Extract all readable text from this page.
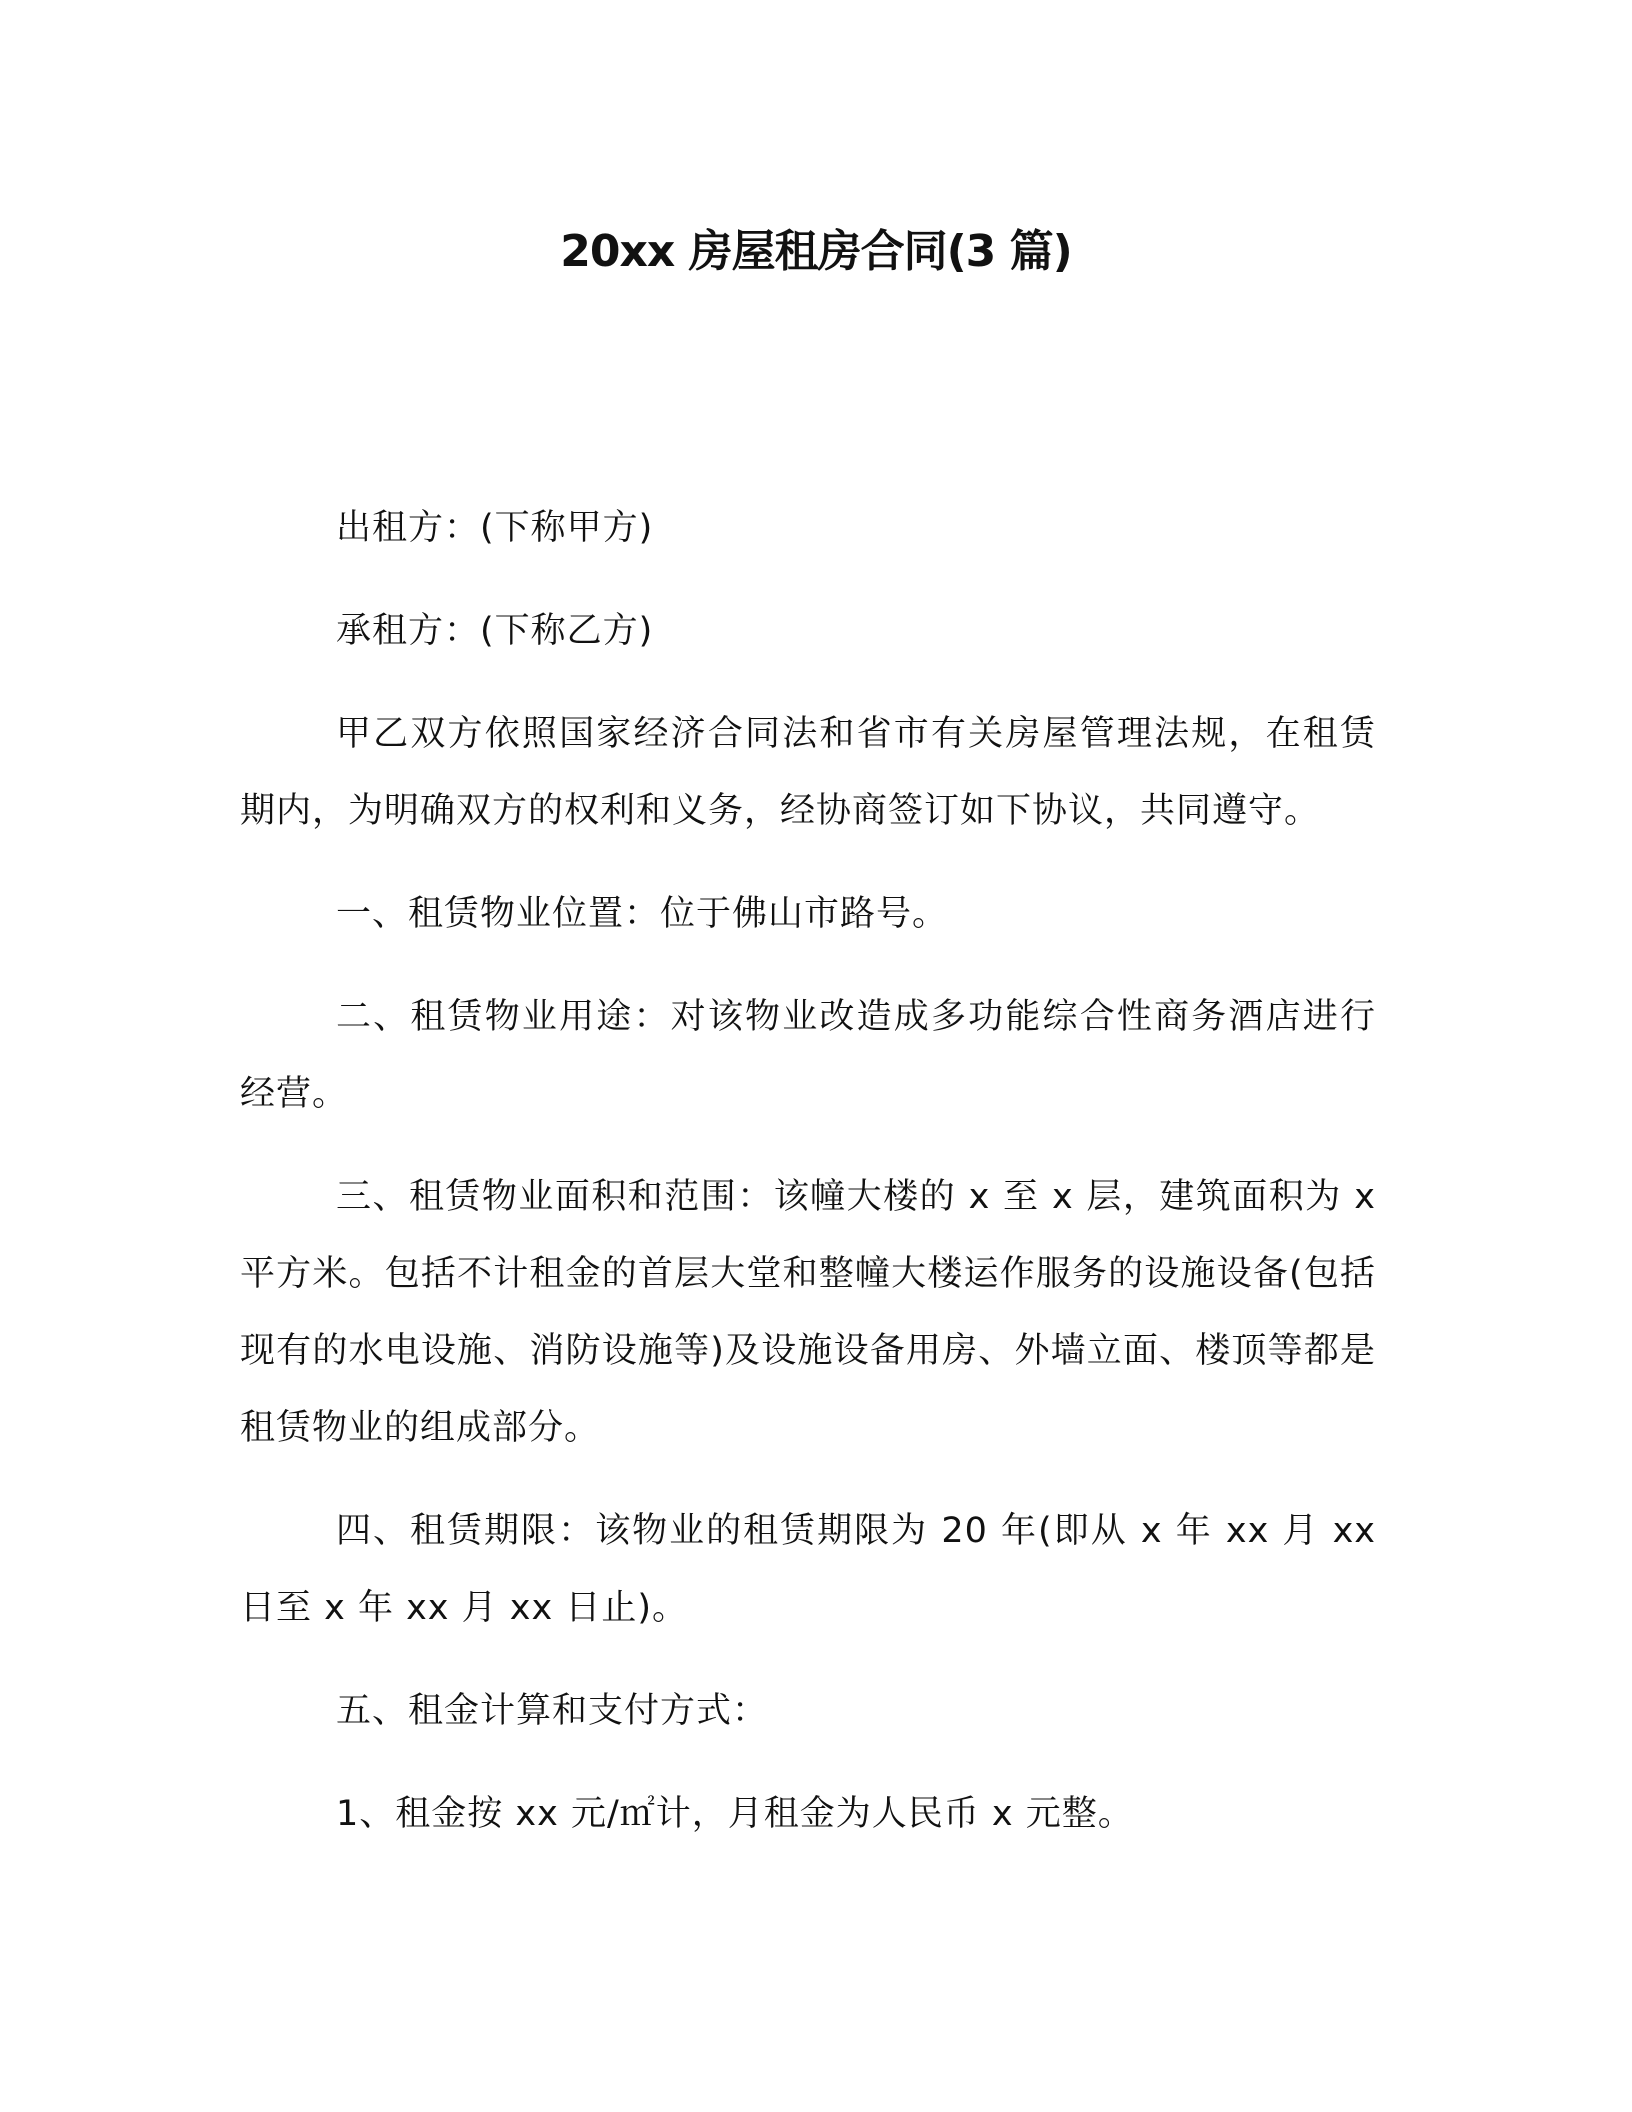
20xx 房屋租房合同(3 篇)

出租方：(下称甲方)

承租方：(下称乙方)

甲乙双方依照国家经济合同法和省市有关房屋管理法规，在租赁期内，为明确双方的权利和义务，经协商签订如下协议，共同遵守。

一、租赁物业位置：位于佛山市路号。

二、租赁物业用途：对该物业改造成多功能综合性商务酒店进行经营。

三、租赁物业面积和范围：该幢大楼的 x 至 x 层，建筑面积为 x 平方米。包括不计租金的首层大堂和整幢大楼运作服务的设施设备(包括现有的水电设施、消防设施等)及设施设备用房、外墙立面、楼顶等都是租赁物业的组成部分。

四、租赁期限：该物业的租赁期限为 20 年(即从 x 年 xx 月 xx 日至 x 年 xx 月 xx 日止)。

五、租金计算和支付方式：

1、租金按 xx 元/㎡计，月租金为人民币 x 元整。
